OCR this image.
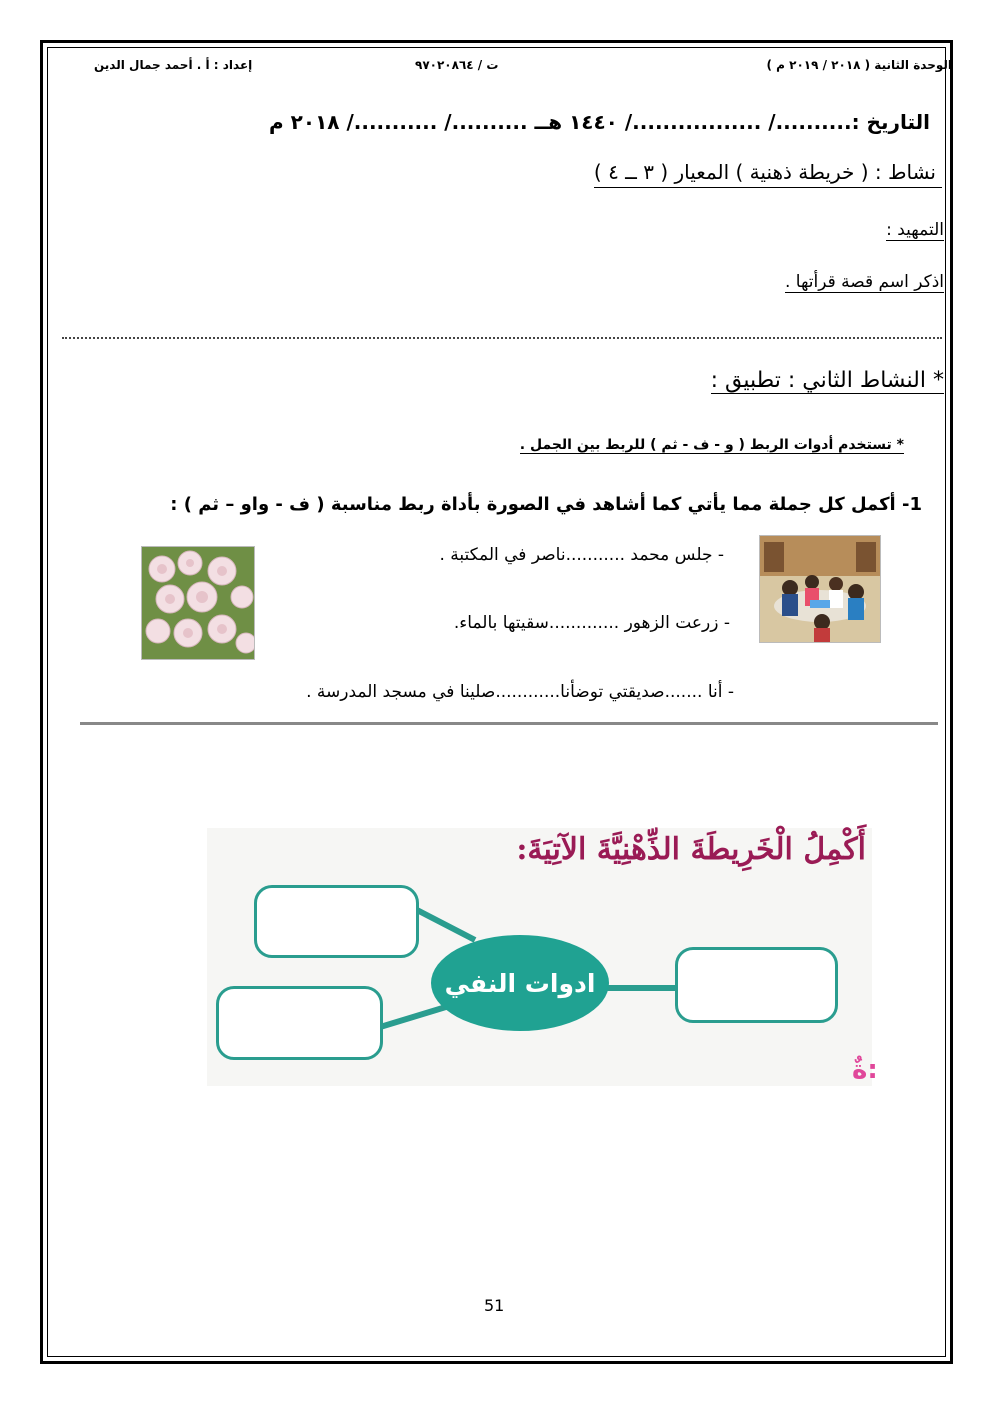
الوحدة الثانية ( ٢٠١٨ / ٢٠١٩ م )
ت / ٩٧٠٢٠٨٦٤
إعداد : أ . أحمد جمال الدين
التاريخ :........../ ................./ ١٤٤٠ هــ ........../ .........../ ٢٠١٨ م
نشاط : ( خريطة ذهنية ) المعيار ( ٣ ــ ٤ )
التمهيد :
اذكر اسم قصة قرأتها .
* النشاط الثاني : تطبيق :
* تستخدم أدوات الربط ( و - ف - ثم ) للربط بين الجمل .
1- أكمل كل جملة مما يأتي كما أشاهد في الصورة بأداة ربط مناسبة ( ف - واو – ثم ) :
- جلس محمد ...........ناصر في المكتبة .
- زرعت الزهور .............سقيتها بالماء.
- أنا .......صديقتي توضأنا............صلينا في مسجد المدرسة .
أَكْمِلُ الْخَرِيطَةَ الذِّهْنِيَّةَ الآتِيَةَ:
ادوات النفي
ةٌ:
51
